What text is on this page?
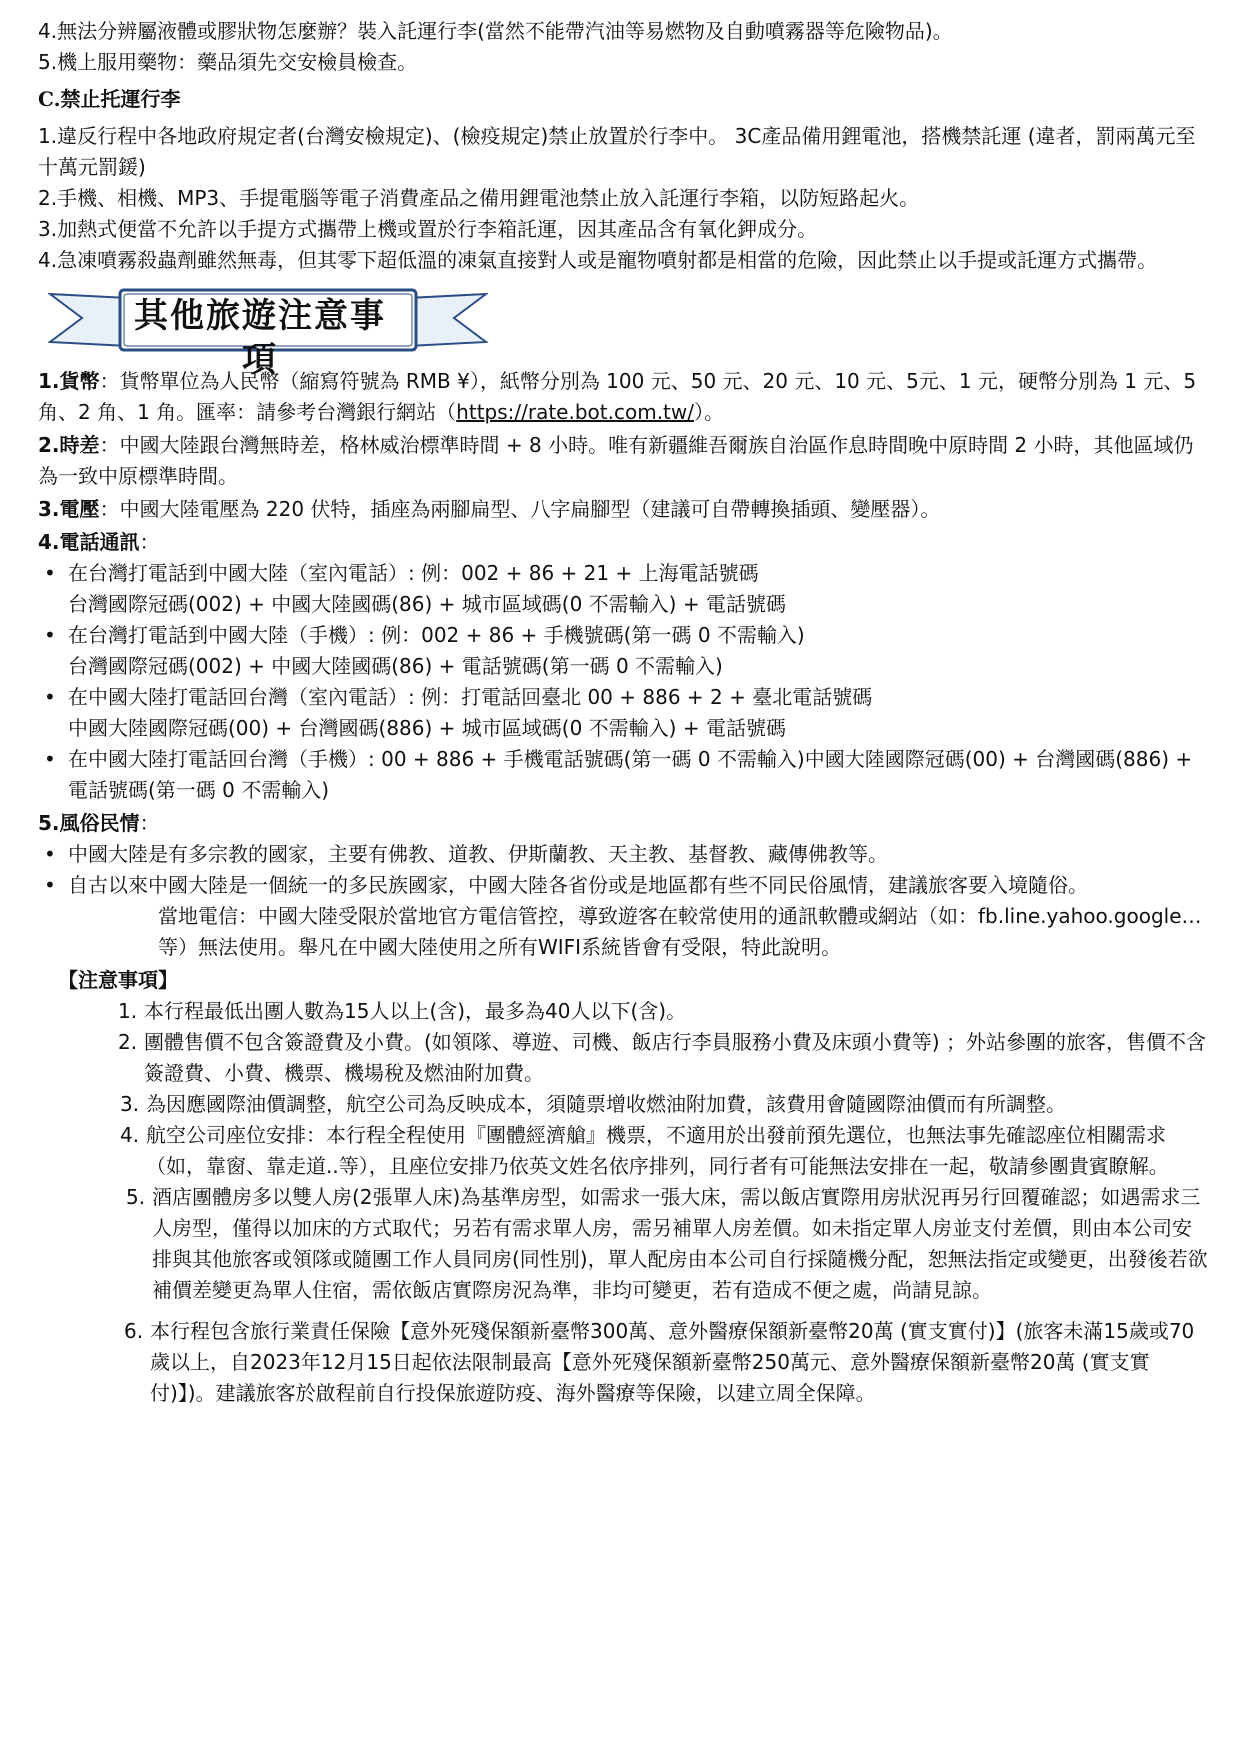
4.無法分辨屬液體或膠狀物怎麼辦？裝入託運行李(當然不能帶汽油等易燃物及自動噴霧器等危險物品)。

5.機上服用藥物：藥品須先交安檢員檢查。

C.禁止托運行李

1.違反行程中各地政府規定者(台灣安檢規定)、(檢疫規定)禁止放置於行李中。 3C產品備用鋰電池，搭機禁託運 (違者，罰兩萬元至十萬元罰鍰)

2.手機、相機、MP3、手提電腦等電子消費產品之備用鋰電池禁止放入託運行李箱，以防短路起火。

3.加熱式便當不允許以手提方式攜帶上機或置於行李箱託運，因其產品含有氧化鉀成分。

4.急凍噴霧殺蟲劑雖然無毒，但其零下超低溫的凍氣直接對人或是寵物噴射都是相當的危險，因此禁止以手提或託運方式攜帶。

其他旅遊注意事項

1.貨幣：貨幣單位為人民幣（縮寫符號為 RMB ¥），紙幣分別為 100 元、50 元、20 元、10 元、5元、1 元，硬幣分別為 1 元、5 角、2 角、1 角。匯率：請參考台灣銀行網站（https://rate.bot.com.tw/）。

2.時差：中國大陸跟台灣無時差，格林威治標準時間 + 8 小時。唯有新疆維吾爾族自治區作息時間晚中原時間 2 小時，其他區域仍為一致中原標準時間。

3.電壓：中國大陸電壓為 220 伏特，插座為兩腳扁型、八字扁腳型（建議可自帶轉換插頭、變壓器）。

4.電話通訊：

• 在台灣打電話到中國大陸（室內電話）: 例：002 + 86 + 21 + 上海電話號碼
台灣國際冠碼(002) + 中國大陸國碼(86) + 城市區域碼(0 不需輸入) + 電話號碼
• 在台灣打電話到中國大陸（手機）: 例：002 + 86 + 手機號碼(第一碼 0 不需輸入)
台灣國際冠碼(002) + 中國大陸國碼(86) + 電話號碼(第一碼 0 不需輸入)
• 在中國大陸打電話回台灣（室內電話）: 例：打電話回臺北 00 + 886 + 2 + 臺北電話號碼
中國大陸國際冠碼(00) + 台灣國碼(886) + 城市區域碼(0 不需輸入) + 電話號碼
• 在中國大陸打電話回台灣（手機）: 00 + 886 + 手機電話號碼(第一碼 0 不需輸入)中國大陸國際冠碼(00) + 台灣國碼(886) + 電話號碼(第一碼 0 不需輸入)

5.風俗民情：

• 中國大陸是有多宗教的國家，主要有佛教、道教、伊斯蘭教、天主教、基督教、藏傳佛教等。
• 自古以來中國大陸是一個統一的多民族國家，中國大陸各省份或是地區都有些不同民俗風情，建議旅客要入境隨俗。

當地電信：中國大陸受限於當地官方電信管控，導致遊客在較常使用的通訊軟體或網站（如：fb.line.yahoo.google…等）無法使用。舉凡在中國大陸使用之所有WIFI系統皆會有受限，特此說明。

【注意事項】

1. 本行程最低出團人數為15人以上(含)，最多為40人以下(含)。
2. 團體售價不包含簽證費及小費。(如領隊、導遊、司機、飯店行李員服務小費及床頭小費等) ；外站參團的旅客，售價不含簽證費、小費、機票、機場稅及燃油附加費。
3. 為因應國際油價調整，航空公司為反映成本，須隨票增收燃油附加費，該費用會隨國際油價而有所調整。
4. 航空公司座位安排：本行程全程使用『團體經濟艙』機票，不適用於出發前預先選位，也無法事先確認座位相關需求（如，靠窗、靠走道..等），且座位安排乃依英文姓名依序排列，同行者有可能無法安排在一起，敬請參團貴賓瞭解。
5. 酒店團體房多以雙人房(2張單人床)為基準房型，如需求一張大床，需以飯店實際用房狀況再另行回覆確認；如遇需求三人房型，僅得以加床的方式取代；另若有需求單人房，需另補單人房差價。如未指定單人房並支付差價，則由本公司安排與其他旅客或領隊或隨團工作人員同房(同性別)，單人配房由本公司自行採隨機分配，恕無法指定或變更，出發後若欲補價差變更為單人住宿，需依飯店實際房況為準，非均可變更，若有造成不便之處，尚請見諒。
6. 本行程包含旅行業責任保險【意外死殘保額新臺幣300萬、意外醫療保額新臺幣20萬 (實支實付)】(旅客未滿15歲或70歲以上，自2023年12月15日起依法限制最高【意外死殘保額新臺幣250萬元、意外醫療保額新臺幣20萬 (實支實付)】)。建議旅客於啟程前自行投保旅遊防疫、海外醫療等保險，以建立周全保障。
